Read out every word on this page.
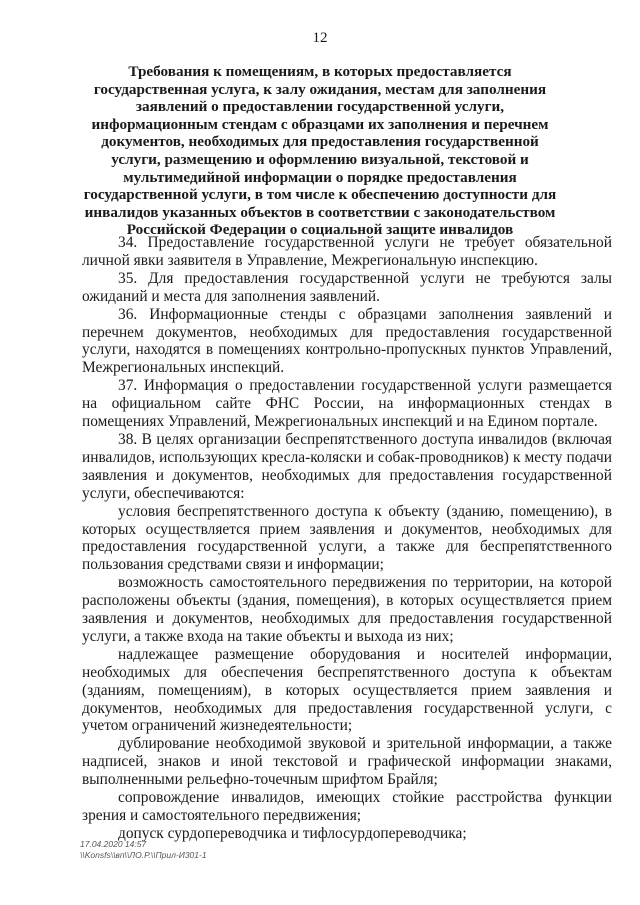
12
Требования к помещениям, в которых предоставляется государственная услуга, к залу ожидания, местам для заполнения заявлений о предоставлении государственной услуги, информационным стендам с образцами их заполнения и перечнем документов, необходимых для предоставления государственной услуги, размещению и оформлению визуальной, текстовой и мультимедийной информации о порядке предоставления государственной услуги, в том числе к обеспечению доступности для инвалидов указанных объектов в соответствии с законодательством Российской Федерации о социальной защите инвалидов

34. Предоставление государственной услуги не требует обязательной личной явки заявителя в Управление, Межрегиональную инспекцию.

35. Для предоставления государственной услуги не требуются залы ожиданий и места для заполнения заявлений.

36. Информационные стенды с образцами заполнения заявлений и перечнем документов, необходимых для предоставления государственной услуги, находятся в помещениях контрольно-пропускных пунктов Управлений, Межрегиональных инспекций.

37. Информация о предоставлении государственной услуги размещается на официальном сайте ФНС России, на информационных стендах в помещениях Управлений, Межрегиональных инспекций и на Едином портале.

38. В целях организации беспрепятственного доступа инвалидов (включая инвалидов, использующих кресла-коляски и собак-проводников) к месту подачи заявления и документов, необходимых для предоставления государственной услуги, обеспечиваются:

условия беспрепятственного доступа к объекту (зданию, помещению), в которых осуществляется прием заявления и документов, необходимых для предоставления государственной услуги, а также для беспрепятственного пользования средствами связи и информации;

возможность самостоятельного передвижения по территории, на которой расположены объекты (здания, помещения), в которых осуществляется прием заявления и документов, необходимых для предоставления государственной услуги, а также входа на такие объекты и выхода из них;

надлежащее размещение оборудования и носителей информации, необходимых для обеспечения беспрепятственного доступа к объектам (зданиям, помещениям), в которых осуществляется прием заявления и документов, необходимых для предоставления государственной услуги, с учетом ограничений жизнедеятельности;

дублирование необходимой звуковой и зрительной информации, а также надписей, знаков и иной текстовой и графической информации знаками, выполненными рельефно-точечным шрифтом Брайля;

сопровождение инвалидов, имеющих стойкие расстройства функции зрения и самостоятельного передвижения;

допуск сурдопереводчика и тифлосурдопереводчика;

17.04.2020 14:57
\\Konsfs\\вп\\ЛО.Р.\\Прил-И301-1
